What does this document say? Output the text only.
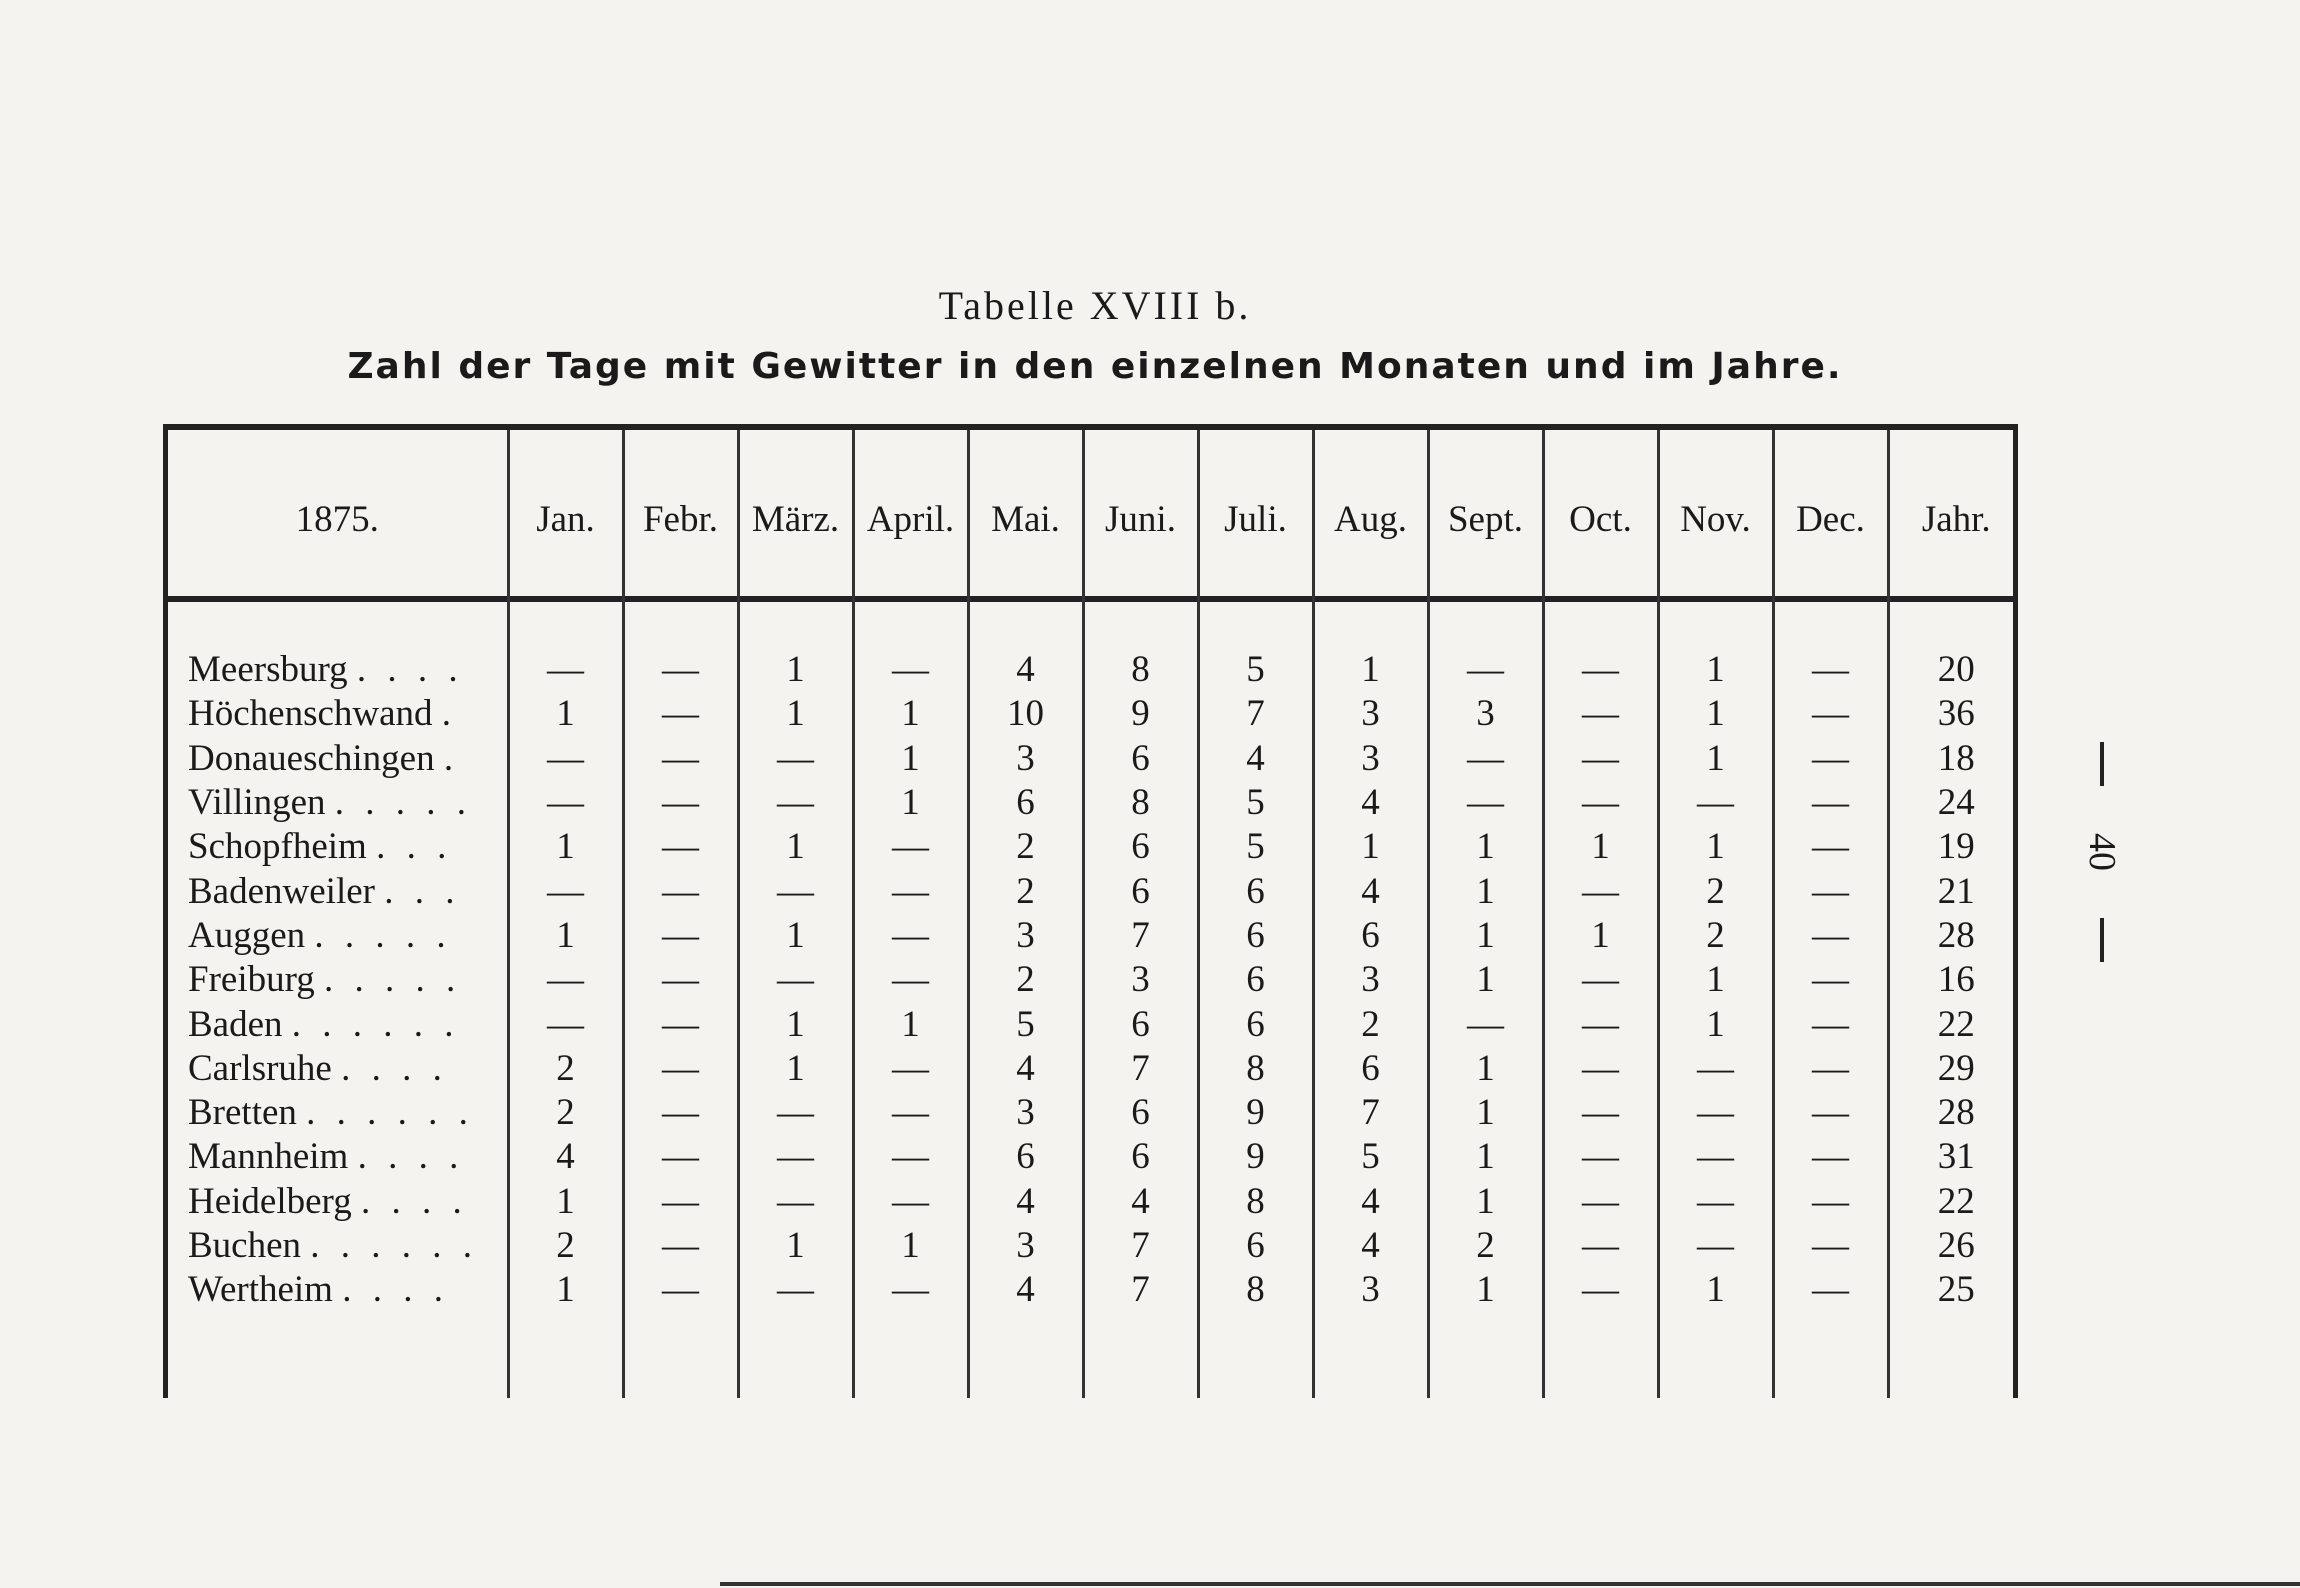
Tabelle XVIII b.
Zahl der Tage mit Gewitter in den einzelnen Monaten und im Jahre.
1875.	Jan.	Febr.	März.	April.	Mai.	Juni.	Juli.	Aug.	Sept.	Oct.	Nov.	Dec.	Jahr.

Meersburg . . . .	—	—	1	—	4	8	5	1	—	—	1	—	20
Höchenschwand .	1	—	1	1	10	9	7	3	3	—	1	—	36
Donaueschingen .	—	—	—	1	3	6	4	3	—	—	1	—	18
Villingen . . . . .	—	—	—	1	6	8	5	4	—	—	—	—	24
Schopfheim . . .	1	—	1	—	2	6	5	1	1	1	1	—	19
Badenweiler . . .	—	—	—	—	2	6	6	4	1	—	2	—	21
Auggen . . . . .	1	—	1	—	3	7	6	6	1	1	2	—	28
Freiburg . . . . .	—	—	—	—	2	3	6	3	1	—	1	—	16
Baden . . . . . .	—	—	1	1	5	6	6	2	—	—	1	—	22
Carlsruhe . . . .	2	—	1	—	4	7	8	6	1	—	—	—	29
Bretten . . . . . .	2	—	—	—	3	6	9	7	1	—	—	—	28
Mannheim . . . .	4	—	—	—	6	6	9	5	1	—	—	—	31
Heidelberg . . . .	1	—	—	—	4	4	8	4	1	—	—	—	22
Buchen . . . . . .	2	—	1	1	3	7	6	4	2	—	—	—	26
Wertheim . . . .	1	—	—	—	4	7	8	3	1	—	1	—	25

40
